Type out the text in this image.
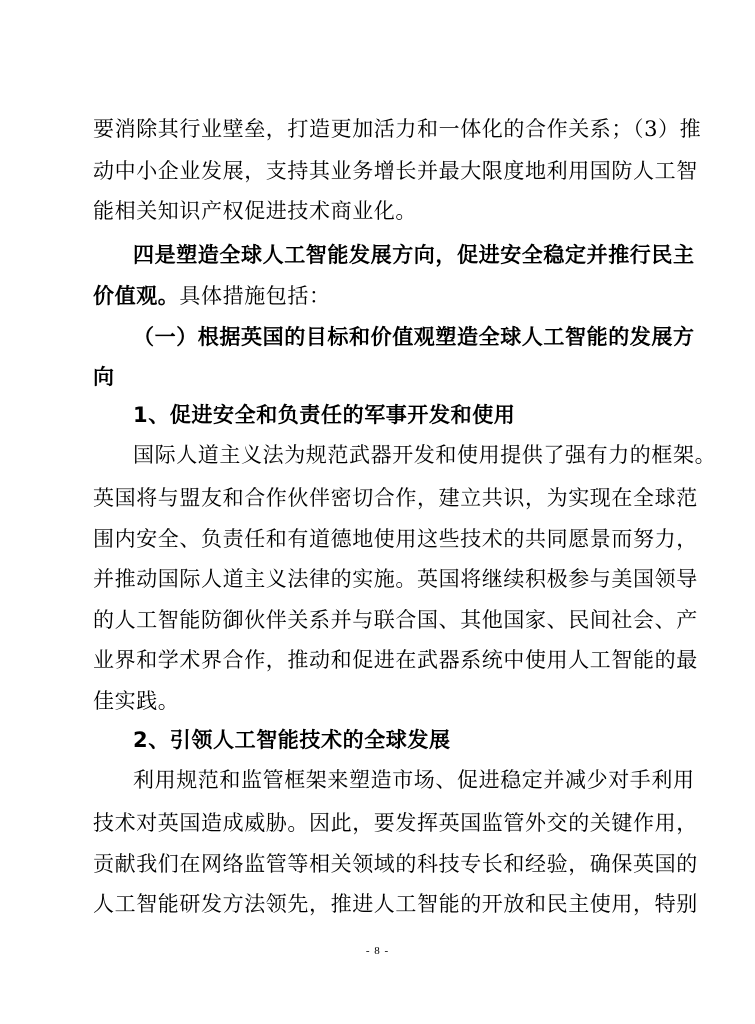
要消除其行业壁垒，打造更加活力和一体化的合作关系；（3）推
动中小企业发展，支持其业务增长并最大限度地利用国防人工智
能相关知识产权促进技术商业化。
四是塑造全球人工智能发展方向，促进安全稳定并推行民主
价值观。具体措施包括：
（一）根据英国的目标和价值观塑造全球人工智能的发展方
向
1、促进安全和负责任的军事开发和使用
国际人道主义法为规范武器开发和使用提供了强有力的框架。
英国将与盟友和合作伙伴密切合作，建立共识，为实现在全球范
围内安全、负责任和有道德地使用这些技术的共同愿景而努力，
并推动国际人道主义法律的实施。英国将继续积极参与美国领导
的人工智能防御伙伴关系并与联合国、其他国家、民间社会、产
业界和学术界合作，推动和促进在武器系统中使用人工智能的最
佳实践。
2、引领人工智能技术的全球发展
利用规范和监管框架来塑造市场、促进稳定并减少对手利用
技术对英国造成威胁。因此，要发挥英国监管外交的关键作用，
贡献我们在网络监管等相关领域的科技专长和经验，确保英国的
人工智能研发方法领先，推进人工智能的开放和民主使用，特别
- 8 -
